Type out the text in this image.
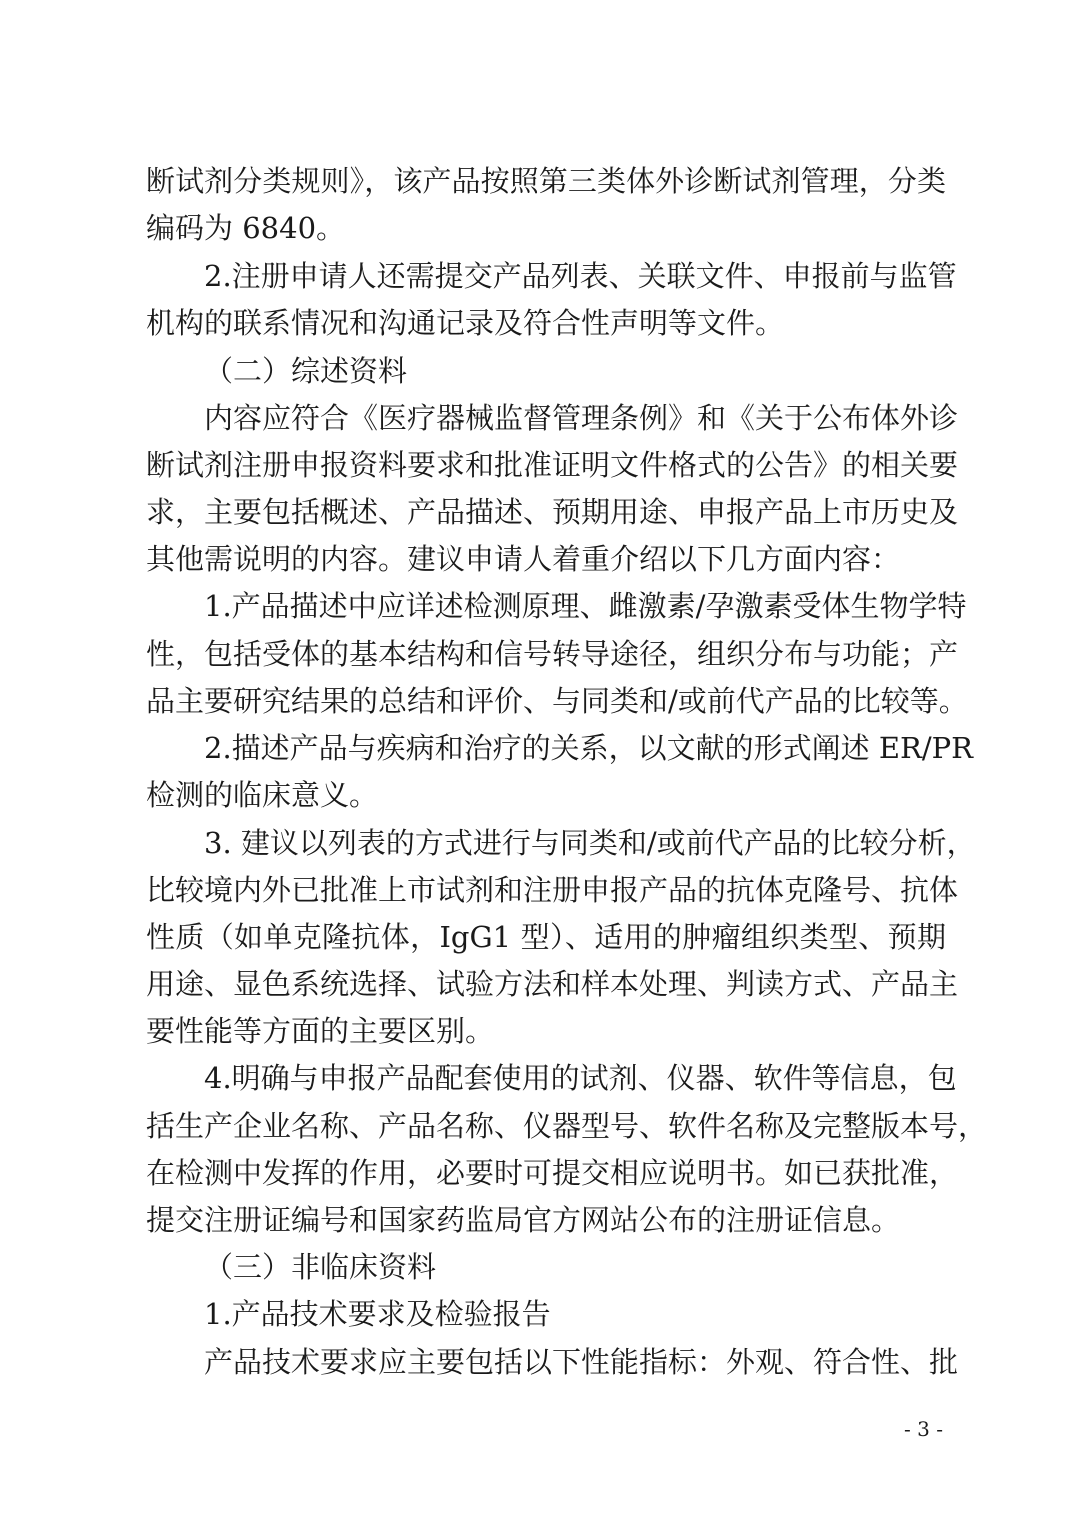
断试剂分类规则》，该产品按照第三类体外诊断试剂管理，分类
编码为 6840。
2.注册申请人还需提交产品列表、关联文件、申报前与监管
机构的联系情况和沟通记录及符合性声明等文件。
（二）综述资料
内容应符合《医疗器械监督管理条例》和《关于公布体外诊
断试剂注册申报资料要求和批准证明文件格式的公告》的相关要
求，主要包括概述、产品描述、预期用途、申报产品上市历史及
其他需说明的内容。建议申请人着重介绍以下几方面内容：
1.产品描述中应详述检测原理、雌激素/孕激素受体生物学特
性，包括受体的基本结构和信号转导途径，组织分布与功能；产
品主要研究结果的总结和评价、与同类和/或前代产品的比较等。
2.描述产品与疾病和治疗的关系，以文献的形式阐述 ER/PR
检测的临床意义。
3. 建议以列表的方式进行与同类和/或前代产品的比较分析，
比较境内外已批准上市试剂和注册申报产品的抗体克隆号、抗体
性质（如单克隆抗体，IgG1 型）、适用的肿瘤组织类型、预期
用途、显色系统选择、试验方法和样本处理、判读方式、产品主
要性能等方面的主要区别。
4.明确与申报产品配套使用的试剂、仪器、软件等信息，包
括生产企业名称、产品名称、仪器型号、软件名称及完整版本号，
在检测中发挥的作用，必要时可提交相应说明书。如已获批准，
提交注册证编号和国家药监局官方网站公布的注册证信息。
（三）非临床资料
1.产品技术要求及检验报告
产品技术要求应主要包括以下性能指标：外观、符合性、批
- 3 -
